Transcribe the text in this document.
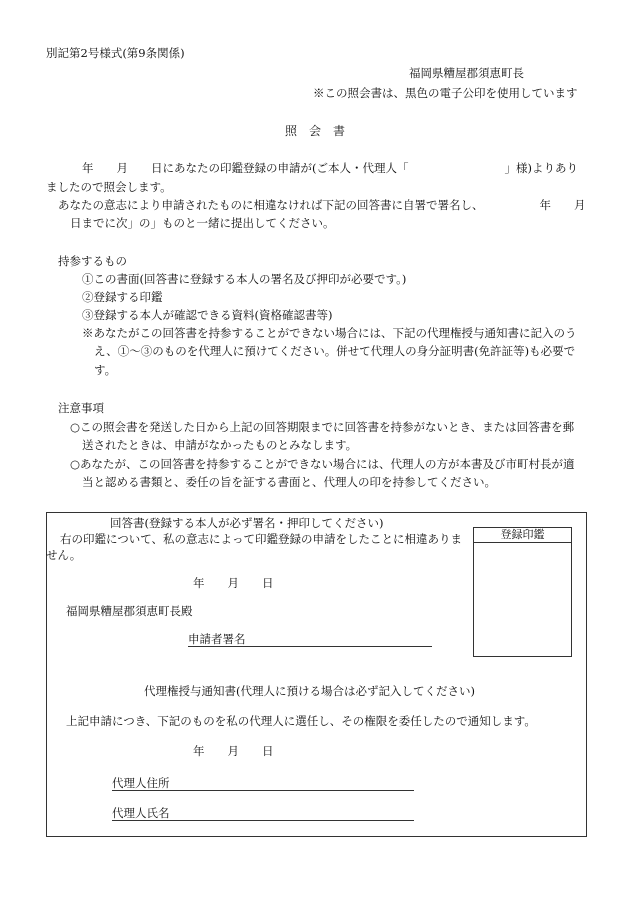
別記第2号様式(第9条関係)
福岡県糟屋郡須恵町長
※この照会書は、黒色の電子公印を使用しています
照　会　書
年　　月　　日にあなたの印鑑登録の申請が(ご本人・代理人「	」様)よりあり
ましたので照会します。
あなたの意志により申請されたものに相違なければ下記の回答書に自署で署名し、	年　　月
日までに次」の」ものと一緒に提出してください。
持参するもの
①この書面(回答書に登録する本人の署名及び押印が必要です。)
②登録する印鑑
③登録する本人が確認できる資料(資格確認書等)
※あなたがこの回答書を持参することができない場合には、下記の代理権授与通知書に記入のう
え、①～③のものを代理人に預けてください。併せて代理人の身分証明書(免許証等)も必要で
す。
注意事項
○この照会書を発送した日から上記の回答期限までに回答書を持参がないとき、または回答書を郵
送されたときは、申請がなかったものとみなします。
○あなたが、この回答書を持参することができない場合には、代理人の方が本書及び市町村長が適
当と認める書類と、委任の旨を証する書面と、代理人の印を持参してください。
回答書(登録する本人が必ず署名・押印してください)
右の印鑑について、私の意志によって印鑑登録の申請をしたことに相違ありま
せん。
年　　月　　日
福岡県糟屋郡須恵町長殿
申請者署名
登録印鑑
代理権授与通知書(代理人に預ける場合は必ず記入してください)
上記申請につき、下記のものを私の代理人に選任し、その権限を委任したので通知します。
年　　月　　日
代理人住所
代理人氏名
